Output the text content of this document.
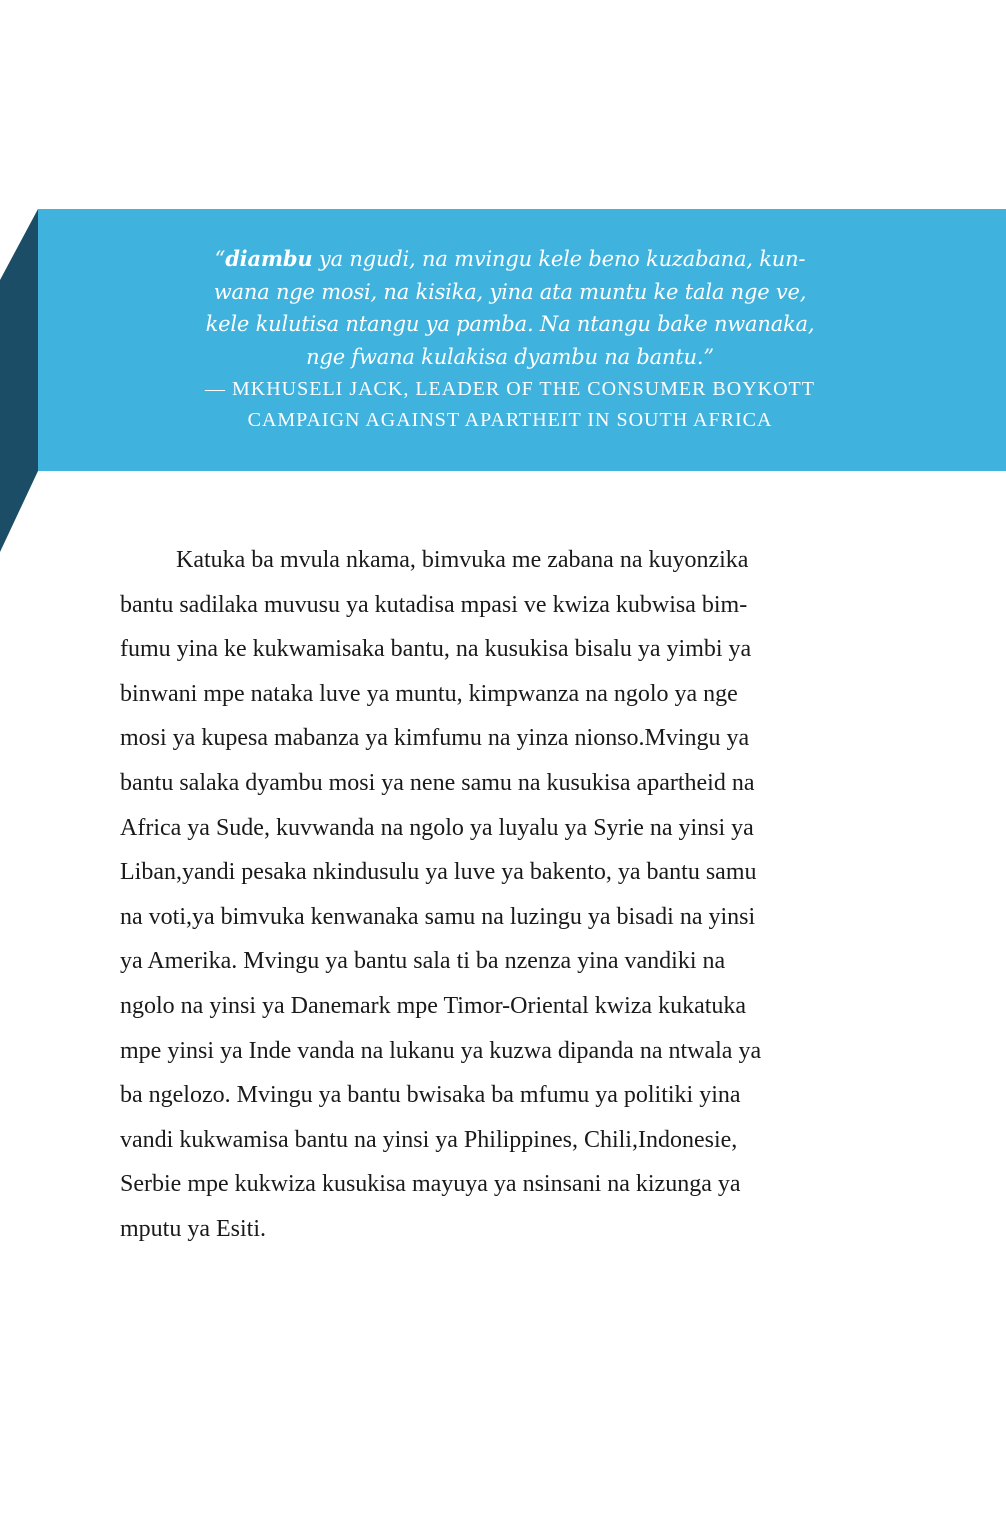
“diambu ya ngudi, na mvingu kele beno kuzabana, kun-
wana nge mosi, na kisika, yina ata muntu ke tala nge ve,
kele kulutisa ntangu ya pamba. Na ntangu bake nwanaka,
nge fwana kulakisa dyambu na bantu.”
— MKHUSELI JACK, LEADER OF THE CONSUMER BOYKOTT
CAMPAIGN AGAINST APARTHEIT IN SOUTH AFRICA
Katuka ba mvula nkama, bimvuka me zabana na kuyonzika
bantu sadilaka muvusu ya kutadisa mpasi ve kwiza kubwisa bim-
fumu yina ke kukwamisaka bantu, na kusukisa bisalu ya yimbi ya
binwani mpe nataka luve ya muntu, kimpwanza na ngolo ya nge
mosi ya kupesa mabanza ya kimfumu na yinza nionso.Mvingu ya
bantu salaka dyambu mosi ya nene samu na kusukisa apartheid na
Africa ya Sude, kuvwanda na ngolo ya luyalu ya Syrie na yinsi ya
Liban,yandi pesaka nkindusulu ya luve ya bakento, ya bantu samu
na voti,ya bimvuka kenwanaka samu na luzingu ya bisadi na yinsi
ya Amerika. Mvingu ya bantu sala ti ba nzenza yina vandiki na
ngolo na yinsi ya Danemark mpe Timor-Oriental kwiza kukatuka
mpe yinsi ya Inde vanda na lukanu ya kuzwa dipanda na ntwala ya
ba ngelozo. Mvingu ya bantu bwisaka ba mfumu ya politiki yina
vandi kukwamisa bantu na yinsi ya Philippines, Chili,Indonesie,
Serbie mpe kukwiza kusukisa mayuya ya nsinsani na kizunga ya
mputu ya Esiti.
